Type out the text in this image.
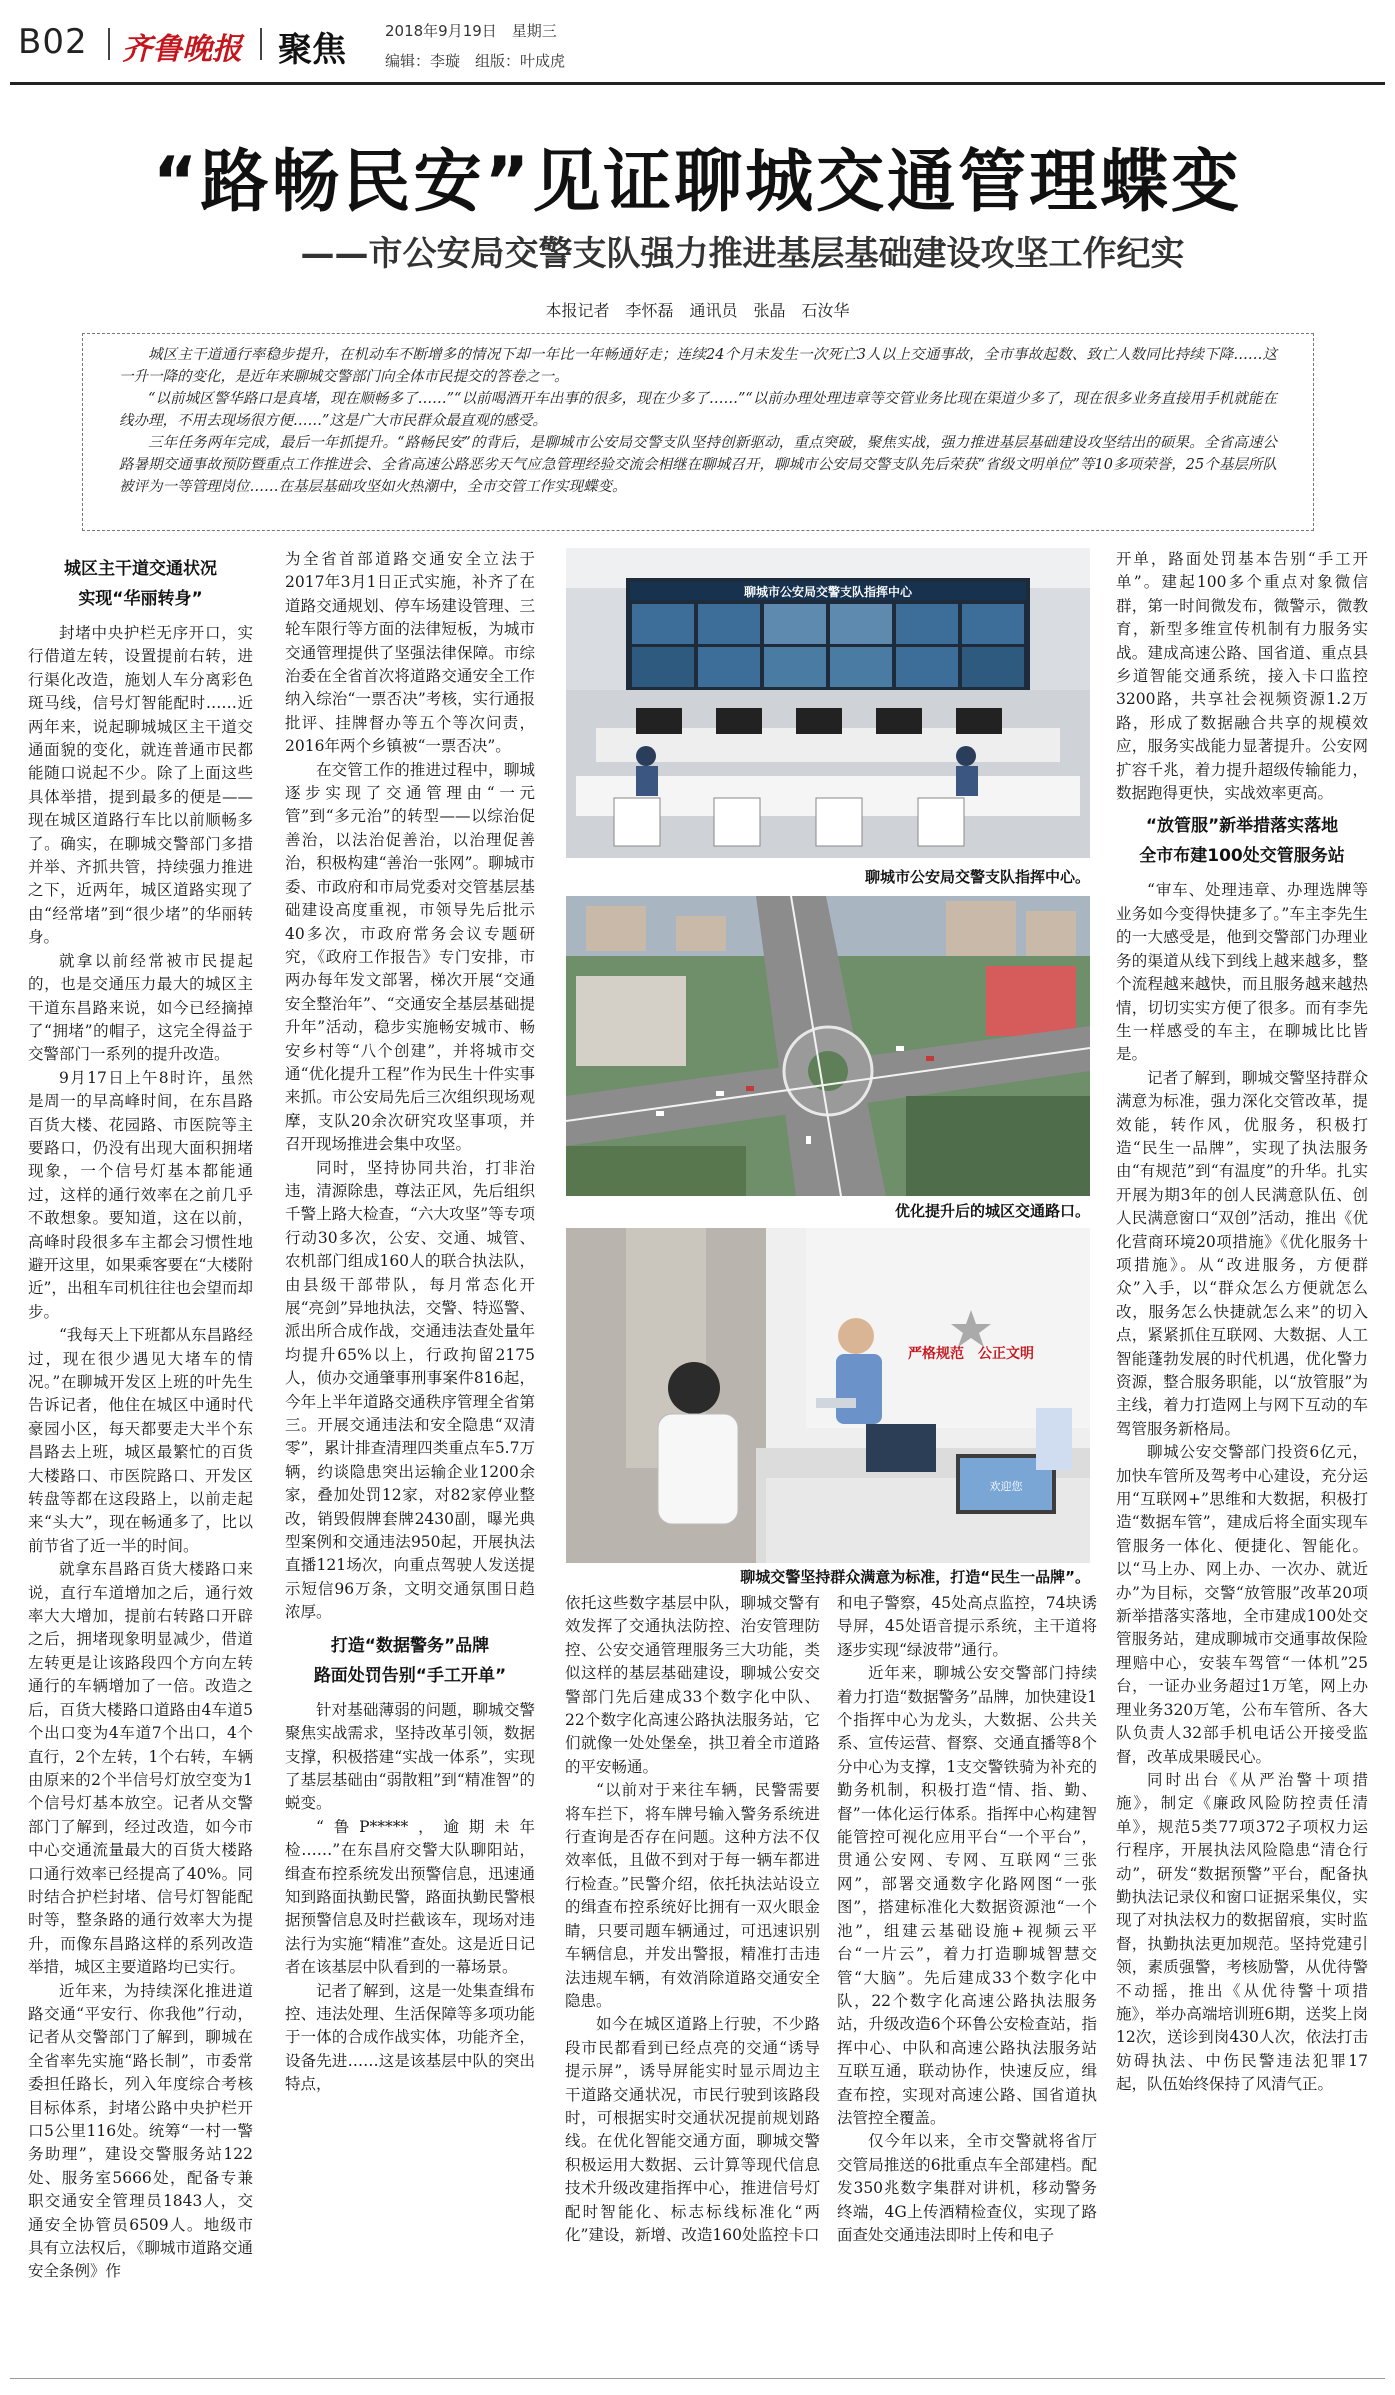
B02 齐鲁晚报 聚焦	2018年9月19日　星期三
编辑：李璇　组版：叶成虎
“路畅民安”见证聊城交通管理蝶变
——市公安局交警支队强力推进基层基础建设攻坚工作纪实
本报记者　李怀磊　通讯员　张晶　石汝华

城区主干道通行率稳步提升，在机动车不断增多的情况下却一年比一年畅通好走；连续24个月未发生一次死亡3人以上交通事故，全市事故起数、致亡人数同比持续下降……这一升一降的变化，是近年来聊城交警部门向全体市民提交的答卷之一。

“以前城区警华路口是真堵，现在顺畅多了……”“以前喝酒开车出事的很多，现在少多了……”“以前办理处理违章等交管业务比现在渠道少多了，现在很多业务直接用手机就能在线办理，不用去现场很方便……”这是广大市民群众最直观的感受。

三年任务两年完成，最后一年抓提升。“路畅民安”的背后，是聊城市公安局交警支队坚持创新驱动，重点突破，聚焦实战，强力推进基层基础建设攻坚结出的硕果。全省高速公路暑期交通事故预防暨重点工作推进会、全省高速公路恶劣天气应急管理经验交流会相继在聊城召开，聊城市公安局交警支队先后荣获“省级文明单位”等10多项荣誉，25个基层所队被评为一等管理岗位……在基层基础攻坚如火热潮中，全市交管工作实现蝶变。

城区主干道交通状况
实现“华丽转身”

封堵中央护栏无序开口，实行借道左转，设置提前右转，进行渠化改造，施划人车分离彩色斑马线，信号灯智能配时……近两年来，说起聊城城区主干道交通面貌的变化，就连普通市民都能随口说起不少。除了上面这些具体举措，提到最多的便是——现在城区道路行车比以前顺畅多了。确实，在聊城交警部门多措并举、齐抓共管，持续强力推进之下，近两年，城区道路实现了由“经常堵”到“很少堵”的华丽转身。

就拿以前经常被市民提起的，也是交通压力最大的城区主干道东昌路来说，如今已经摘掉了“拥堵”的帽子，这完全得益于交警部门一系列的提升改造。

9月17日上午8时许，虽然是周一的早高峰时间，在东昌路百货大楼、花园路、市医院等主要路口，仍没有出现大面积拥堵现象，一个信号灯基本都能通过，这样的通行效率在之前几乎不敢想象。要知道，这在以前，高峰时段很多车主都会习惯性地避开这里，如果乘客要在“大楼附近”，出租车司机往往也会望而却步。

“我每天上下班都从东昌路经过，现在很少遇见大堵车的情况。”在聊城开发区上班的叶先生告诉记者，他住在城区中通时代豪园小区，每天都要走大半个东昌路去上班，城区最繁忙的百货大楼路口、市医院路口、开发区转盘等都在这段路上，以前走起来“头大”，现在畅通多了，比以前节省了近一半的时间。

就拿东昌路百货大楼路口来说，直行车道增加之后，通行效率大大增加，提前右转路口开辟之后，拥堵现象明显减少，借道左转更是让该路段四个方向左转通行的车辆增加了一倍。改造之后，百货大楼路口道路由4车道5个出口变为4车道7个出口，4个直行，2个左转，1个右转，车辆由原来的2个半信号灯放空变为1个信号灯基本放空。记者从交警部门了解到，经过改造，如今市中心交通流量最大的百货大楼路口通行效率已经提高了40%。同时结合护栏封堵、信号灯智能配时等，整条路的通行效率大为提升，而像东昌路这样的系列改造举措，城区主要道路均已实行。

近年来，为持续深化推进道路交通“平安行、你我他”行动，记者从交警部门了解到，聊城在全省率先实施“路长制”，市委常委担任路长，列入年度综合考核目标体系，封堵公路中央护栏开口5公里116处。统筹“一村一警务助理”，建设交警服务站122处、服务室5666处，配备专兼职交通安全管理员1843人，交通安全协管员6509人。地级市具有立法权后，《聊城市道路交通安全条例》作

为全省首部道路交通安全立法于2017年3月1日正式实施，补齐了在道路交通规划、停车场建设管理、三轮车限行等方面的法律短板，为城市交通管理提供了坚强法律保障。市综治委在全省首次将道路交通安全工作纳入综治“一票否决”考核，实行通报批评、挂牌督办等五个等次问责，2016年两个乡镇被“一票否决”。

在交管工作的推进过程中，聊城逐步实现了交通管理由“一元管”到“多元治”的转型——以综治促善治，以法治促善治，以治理促善治，积极构建“善治一张网”。聊城市委、市政府和市局党委对交管基层基础建设高度重视，市领导先后批示40多次，市政府常务会议专题研究，《政府工作报告》专门安排，市两办每年发文部署，梯次开展“交通安全整治年”、“交通安全基层基础提升年”活动，稳步实施畅安城市、畅安乡村等“八个创建”，并将城市交通“优化提升工程”作为民生十件实事来抓。市公安局先后三次组织现场观摩，支队20余次研究攻坚事项，并召开现场推进会集中攻坚。

同时，坚持协同共治，打非治违，清源除患，尊法正风，先后组织千警上路大检查，“六大攻坚”等专项行动30多次，公安、交通、城管、农机部门组成160人的联合执法队，由县级干部带队，每月常态化开展“亮剑”异地执法，交警、特巡警、派出所合成作战，交通违法查处量年均提升65%以上，行政拘留2175人，侦办交通肇事刑事案件816起，今年上半年道路交通秩序管理全省第三。开展交通违法和安全隐患“双清零”，累计排查清理四类重点车5.7万辆，约谈隐患突出运输企业1200余家，叠加处罚12家，对82家停业整改，销毁假牌套牌2430副，曝光典型案例和交通违法950起，开展执法直播121场次，向重点驾驶人发送提示短信96万条，文明交通氛围日趋浓厚。

打造“数据警务”品牌
路面处罚告别“手工开单”

针对基础薄弱的问题，聊城交警聚焦实战需求，坚持改革引领，数据支撑，积极搭建“实战一体系”，实现了基层基础由“弱散粗”到“精准智”的蜕变。

“鲁P*****，逾期未年检……”在东昌府交警大队聊阳站，缉查布控系统发出预警信息，迅速通知到路面执勤民警，路面执勤民警根据预警信息及时拦截该车，现场对违法行为实施“精准”查处。这是近日记者在该基层中队看到的一幕场景。

记者了解到，这是一处集查缉布控、违法处理、生活保障等多项功能于一体的合成作战实体，功能齐全，设备先进……这是该基层中队的突出特点，

聊城市公安局交警支队指挥中心
聊城市公安局交警支队指挥中心。
优化提升后的城区交通路口。
严格规范　公正文明
欢迎您
聊城交警坚持群众满意为标准，打造“民生一品牌”。

依托这些数字基层中队，聊城交警有效发挥了交通执法防控、治安管理防控、公安交通管理服务三大功能，类似这样的基层基础建设，聊城公安交警部门先后建成33个数字化中队、22个数字化高速公路执法服务站，它们就像一处处堡垒，拱卫着全市道路的平安畅通。

“以前对于来往车辆，民警需要将车拦下，将车牌号输入警务系统进行查询是否存在问题。这种方法不仅效率低，且做不到对于每一辆车都进行检查。”民警介绍，依托执法站设立的缉查布控系统好比拥有一双火眼金睛，只要司题车辆通过，可迅速识别车辆信息，并发出警报，精准打击违法违规车辆，有效消除道路交通安全隐患。

如今在城区道路上行驶，不少路段市民都看到已经点亮的交通“诱导提示屏”，诱导屏能实时显示周边主干道路交通状况，市民行驶到该路段时，可根据实时交通状况提前规划路线。在优化智能交通方面，聊城交警积极运用大数据、云计算等现代信息技术升级改建指挥中心，推进信号灯配时智能化、标志标线标准化“两化”建设，新增、改造160处监控卡口

和电子警察，45处高点监控，74块诱导屏，45处语音提示系统，主干道将逐步实现“绿波带”通行。

近年来，聊城公安交警部门持续着力打造“数据警务”品牌，加快建设1个指挥中心为龙头，大数据、公共关系、宣传运营、督察、交通直播等8个分中心为支撑，1支交警铁骑为补充的勤务机制，积极打造“情、指、勤、督”一体化运行体系。指挥中心构建智能管控可视化应用平台“一个平台”，贯通公安网、专网、互联网“三张网”，部署交通数字化路网图“一张图”，搭建标准化大数据资源池“一个池”，组建云基础设施+视频云平台“一片云”，着力打造聊城智慧交管“大脑”。先后建成33个数字化中队，22个数字化高速公路执法服务站，升级改造6个环鲁公安检查站，指挥中心、中队和高速公路执法服务站互联互通，联动协作，快速反应，缉查布控，实现对高速公路、国省道执法管控全覆盖。

仅今年以来，全市交警就将省厅交管局推送的6批重点车全部建档。配发350兆数字集群对讲机，移动警务终端，4G上传酒精检查仪，实现了路面查处交通违法即时上传和电子

开单，路面处罚基本告别“手工开单”。建起100多个重点对象微信群，第一时间微发布，微警示，微教育，新型多维宣传机制有力服务实战。建成高速公路、国省道、重点县乡道智能交通系统，接入卡口监控3200路，共享社会视频资源1.2万路，形成了数据融合共享的规模效应，服务实战能力显著提升。公安网扩容千兆，着力提升超级传输能力，数据跑得更快，实战效率更高。

“放管服”新举措落实落地
全市布建100处交管服务站

“审车、处理违章、办理选牌等业务如今变得快捷多了。”车主李先生的一大感受是，他到交警部门办理业务的渠道从线下到线上越来越多，整个流程越来越快，而且服务越来越热情，切切实实方便了很多。而有李先生一样感受的车主，在聊城比比皆是。

记者了解到，聊城交警坚持群众满意为标准，强力深化交管改革，提效能，转作风，优服务，积极打造“民生一品牌”，实现了执法服务由“有规范”到“有温度”的升华。扎实开展为期3年的创人民满意队伍、创人民满意窗口“双创”活动，推出《优化营商环境20项措施》《优化服务十项措施》。从“改进服务，方便群众”入手，以“群众怎么方便就怎么改，服务怎么快捷就怎么来”的切入点，紧紧抓住互联网、大数据、人工智能蓬勃发展的时代机遇，优化警力资源，整合服务职能，以“放管服”为主线，着力打造网上与网下互动的车驾管服务新格局。

聊城公安交警部门投资6亿元，加快车管所及驾考中心建设，充分运用“互联网+”思维和大数据，积极打造“数据车管”，建成后将全面实现车管服务一体化、便捷化、智能化。以“马上办、网上办、一次办、就近办”为目标，交警“放管服”改革20项新举措落实落地，全市建成100处交管服务站，建成聊城市交通事故保险理赔中心，安装车驾管“一体机”25台，一证办业务超过1万笔，网上办理业务320万笔，公布车管所、各大队负责人32部手机电话公开接受监督，改革成果暖民心。

同时出台《从严治警十项措施》，制定《廉政风险防控责任清单》，规范5类77项372子项权力运行程序，开展执法风险隐患“清仓行动”，研发“数据预警”平台，配备执勤执法记录仪和窗口证据采集仪，实现了对执法权力的数据留痕，实时监督，执勤执法更加规范。坚持党建引领，素质强警，考核励警，从优待警不动摇，推出《从优待警十项措施》，举办高端培训班6期，送奖上岗12次，送诊到岗430人次，依法打击妨碍执法、中伤民警违法犯罪17起，队伍始终保持了风清气正。
